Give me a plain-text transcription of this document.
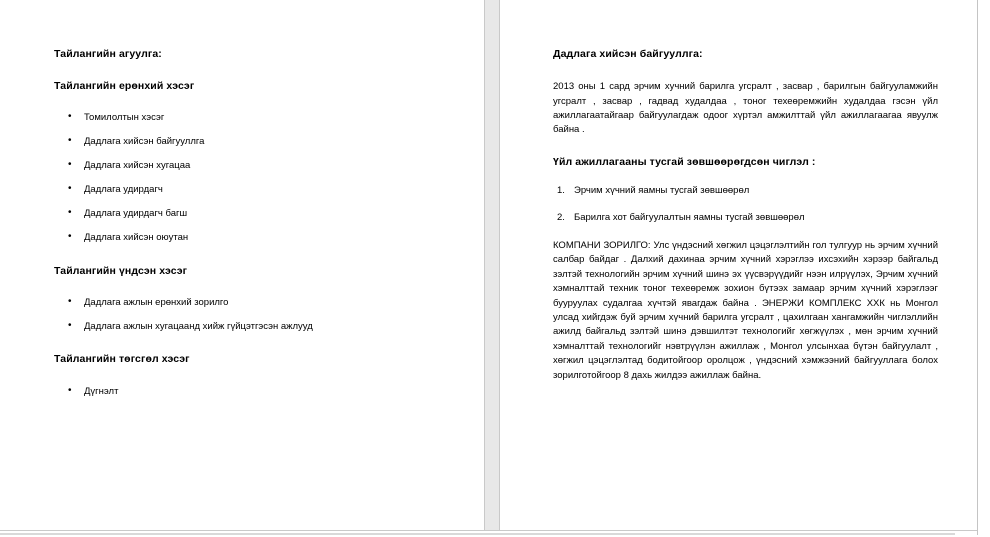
Тайлангийн агуулга:
Тайлангийн ерөнхий хэсэг
• Томилолтын хэсэг
• Дадлага хийсэн байгууллга
• Дадлага хийсэн хугацаа
• Дадлага удирдагч
• Дадлага удирдагч багш
• Дадлага хийсэн оюутан
Тайлангийн үндсэн хэсэг
• Дадлага ажлын ерөнхий зорилго
• Дадлага ажлын хугацаанд хийж гүйцэтгэсэн ажлууд
Тайлангийн төгсгөл хэсэг
• Дүгнэлт
Дадлага хийсэн байгууллга:

2013 оны 1 сард эрчим хучний барилга угсралт , засвар , барилгын байгууламжийн угсралт , засвар , гадвад худалдаа , тоног техеөремжийн худалдаа гэсэн үйл ажиллагаатайгаар байгуулагдаж одоог хүртэл амжилттай үйл ажиллагаагаа явуулж байна .

Үйл ажиллагааны тусгай зөвшөөрөгдсөн чиглэл :
1. Эрчим хүчний яамны тусгай зөвшөөрөл
2. Барилга хот байгуулалтын яамны тусгай зөвшөөрөл

КОМПАНИ ЗОРИЛГО: Улс үндэсний хөгжил цэцэглэлтийн гол тулгуур нь эрчим хүчний салбар байдаг . Далхий дахинаа эрчим хүчний хэрэглээ ихсэхийн хэрээр байгальд зэлтэй технологийн эрчим хүчний шинэ эх үүсвэрүүдийг нээн илрүүлэх, Эрчим хүчний хэмналттай техник тоног техеөремж зохион бүтээх замаар эрчим хүчний хэрэглээг бууруулах судалгаа хүчтэй явагдаж байна . ЭНЕРЖИ КОМПЛЕКС ХХК нь Монгол улсад хийгдэж буй эрчим хүчний барилга угсралт , цахилгаан хангамжийн чиглэллийн ажилд байгальд зэлтэй шинэ дэвшилтэт технологийг хөгжүүлэх , мөн эрчим хүчний хэмналттай технологийг нэвтрүүлэн ажиллаж , Монгол улсынхаа бүтэн байгуулалт , хөгжил цэцэглэлтад бодитойгоор оролцож , үндэсний хэмжээний байгууллага болох зорилготойгоор 8 дахь жилдээ ажиллаж байна.
